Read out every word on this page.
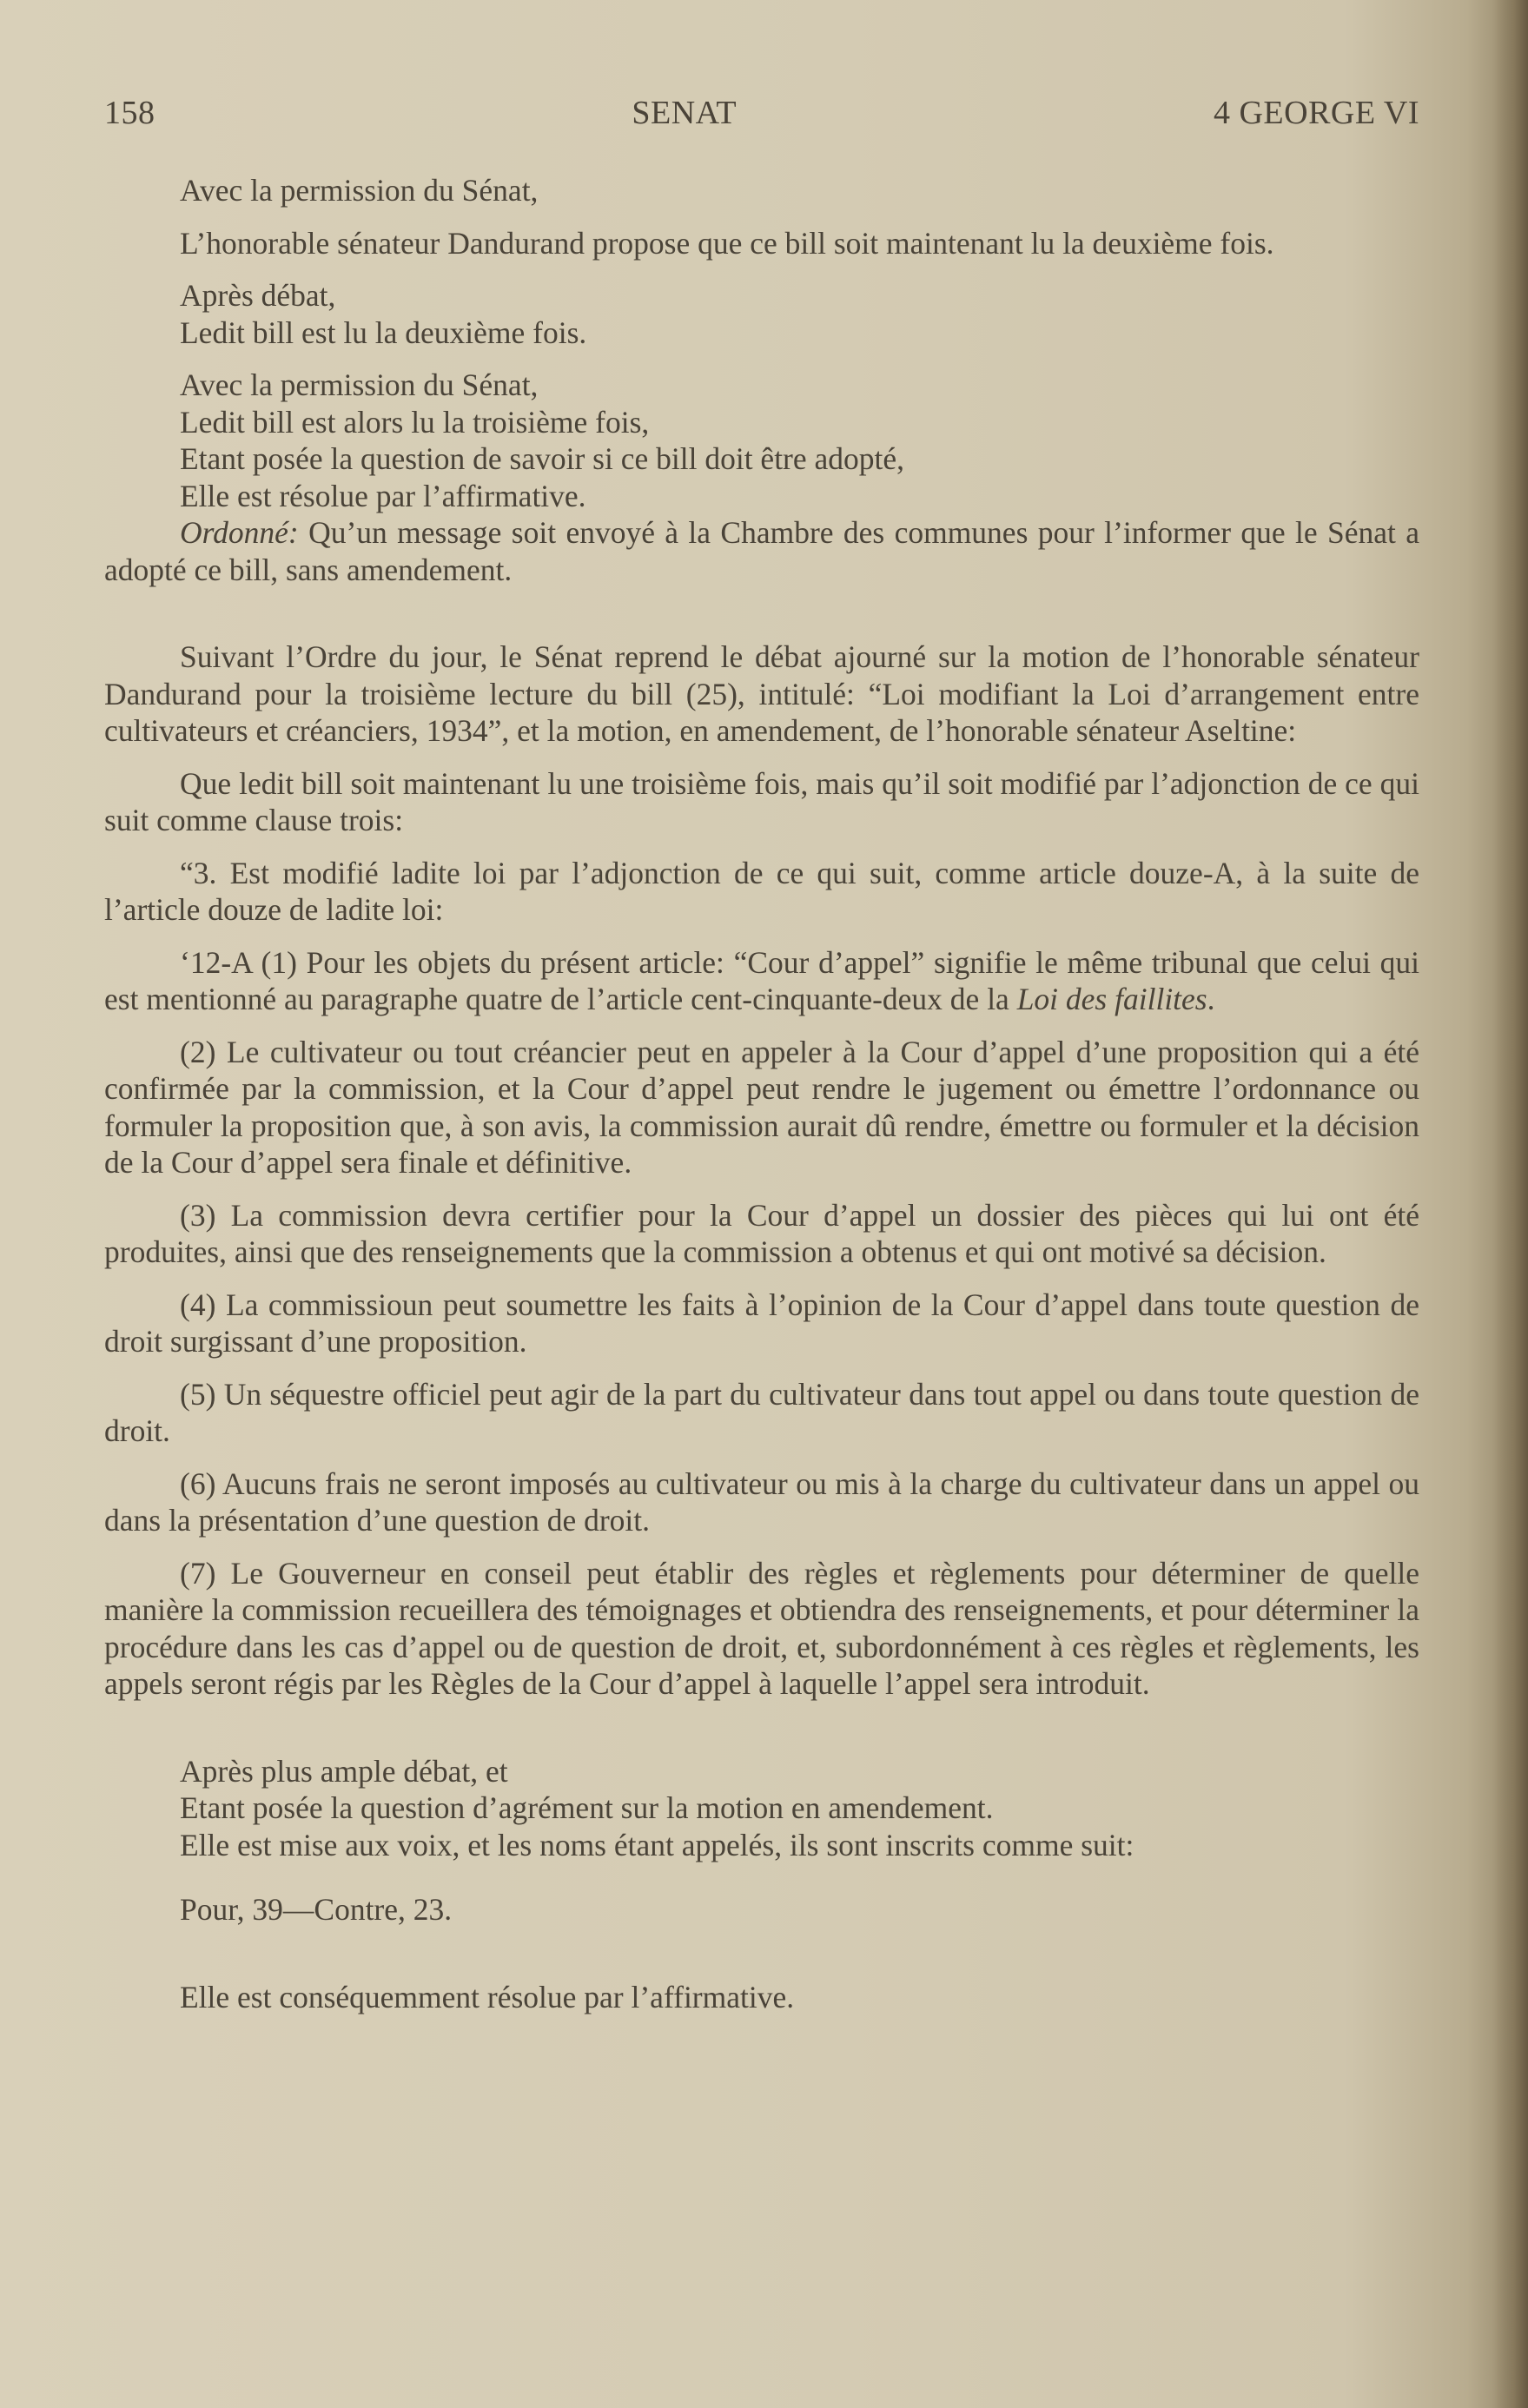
158	SENAT	4 GEORGE VI

Avec la permission du Sénat,

L’honorable sénateur Dandurand propose que ce bill soit maintenant lu la deuxième fois.

Après débat,

Ledit bill est lu la deuxième fois.

Avec la permission du Sénat,

Ledit bill est alors lu la troisième fois,

Etant posée la question de savoir si ce bill doit être adopté,

Elle est résolue par l’affirmative.

Ordonné: Qu’un message soit envoyé à la Chambre des communes pour l’informer que le Sénat a adopté ce bill, sans amendement.

Suivant l’Ordre du jour, le Sénat reprend le débat ajourné sur la motion de l’honorable sénateur Dandurand pour la troisième lecture du bill (25), intitulé: “Loi modifiant la Loi d’arrangement entre cultivateurs et créanciers, 1934”, et la motion, en amendement, de l’honorable sénateur Aseltine:

Que ledit bill soit maintenant lu une troisième fois, mais qu’il soit modifié par l’adjonction de ce qui suit comme clause trois:

“3. Est modifié ladite loi par l’adjonction de ce qui suit, comme article douze-A, à la suite de l’article douze de ladite loi:

‘12-A (1) Pour les objets du présent article: “Cour d’appel” signifie le même tribunal que celui qui est mentionné au paragraphe quatre de l’article cent-cinquante-deux de la Loi des faillites.

(2) Le cultivateur ou tout créancier peut en appeler à la Cour d’appel d’une proposition qui a été confirmée par la commission, et la Cour d’appel peut rendre le jugement ou émettre l’ordonnance ou formuler la proposition que, à son avis, la commission aurait dû rendre, émettre ou formuler et la décision de la Cour d’appel sera finale et définitive.

(3) La commission devra certifier pour la Cour d’appel un dossier des pièces qui lui ont été produites, ainsi que des renseignements que la commission a obtenus et qui ont motivé sa décision.

(4) La commissioun peut soumettre les faits à l’opinion de la Cour d’appel dans toute question de droit surgissant d’une proposition.

(5) Un séquestre officiel peut agir de la part du cultivateur dans tout appel ou dans toute question de droit.

(6) Aucuns frais ne seront imposés au cultivateur ou mis à la charge du cultivateur dans un appel ou dans la présentation d’une question de droit.

(7) Le Gouverneur en conseil peut établir des règles et règlements pour déterminer de quelle manière la commission recueillera des témoignages et obtiendra des renseignements, et pour déterminer la procédure dans les cas d’appel ou de question de droit, et, subordonnément à ces règles et règlements, les appels seront régis par les Règles de la Cour d’appel à laquelle l’appel sera introduit.

Après plus ample débat, et

Etant posée la question d’agrément sur la motion en amendement.

Elle est mise aux voix, et les noms étant appelés, ils sont inscrits comme suit:

Pour, 39—Contre, 23.

Elle est conséquemment résolue par l’affirmative.
